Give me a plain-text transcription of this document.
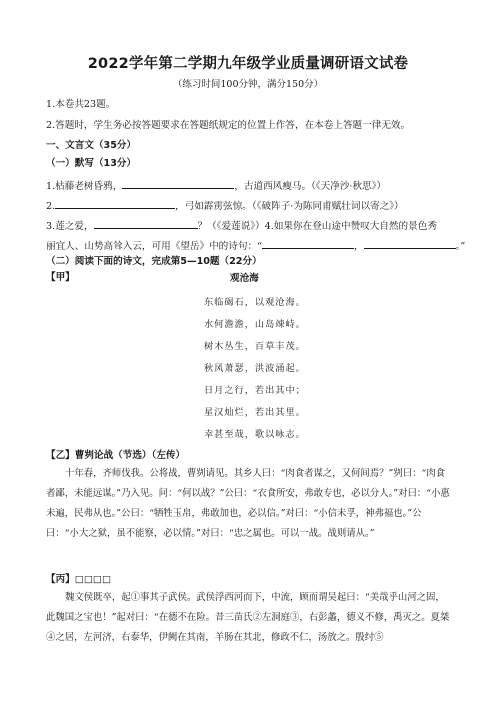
2022学年第二学期九年级学业质量调研语文试卷
（练习时间100分钟，满分150分）
1.本卷共23题。
2.答题时，学生务必按答题要求在答题纸规定的位置上作答，在本卷上答题一律无效。
一、文言文（35分）
（一）默写（13分）
1.枯藤老树昏鸦，	，古道西风瘦马。（《天净沙·秋思》）
2.	，弓如霹雳弦惊。（《破阵子·为陈同甫赋壮词以寄之》）
3.莲之爱，	？（《爱莲说》）4.如果你在登山途中赞叹大自然的景色秀
丽宜人、山势高耸入云，可用《望岳》中的诗句：“	，	。”
（二）阅读下面的诗文，完成第5—10题（22分）
【甲】	观沧海
东临碣石，以观沧海。
水何澹澹，山岛竦峙。
树木丛生，百草丰茂。
秋风萧瑟，洪波涌起。
日月之行，若出其中；
星汉灿烂，若出其里。
幸甚至哉，歌以咏志。
【乙】曹刿论战（节选）（左传）
十年春，齐师伐我。公将战，曹刿请见。其乡人曰：“肉食者谋之，又何间焉？”刿曰：“肉食者鄙，未能远谋。”乃入见。问：“何以战？”公曰：“衣食所安，弗敢专也，必以分人。”对曰：“小惠未遍，民弗从也。”公曰：“牺牲玉帛，弗敢加也，必以信。”对曰：“小信未孚，神弗福也。”公曰：“小大之狱，虽不能察，必以情。”对曰：“忠之属也。可以一战。战则请从。”
【丙】□□□□
魏文侯既卒，起①事其子武侯。武侯浮西河而下，中流，顾而谓吴起曰：“美哉乎山河之固，此魏国之宝也！”起对曰：“在德不在险。昔三苗氏②左洞庭③，右彭蠡，德义不修，禹灭之。夏桀④之居，左河济，右泰华，伊阙在其南，羊肠在其北，修政不仁，汤放之。殷纣⑤
